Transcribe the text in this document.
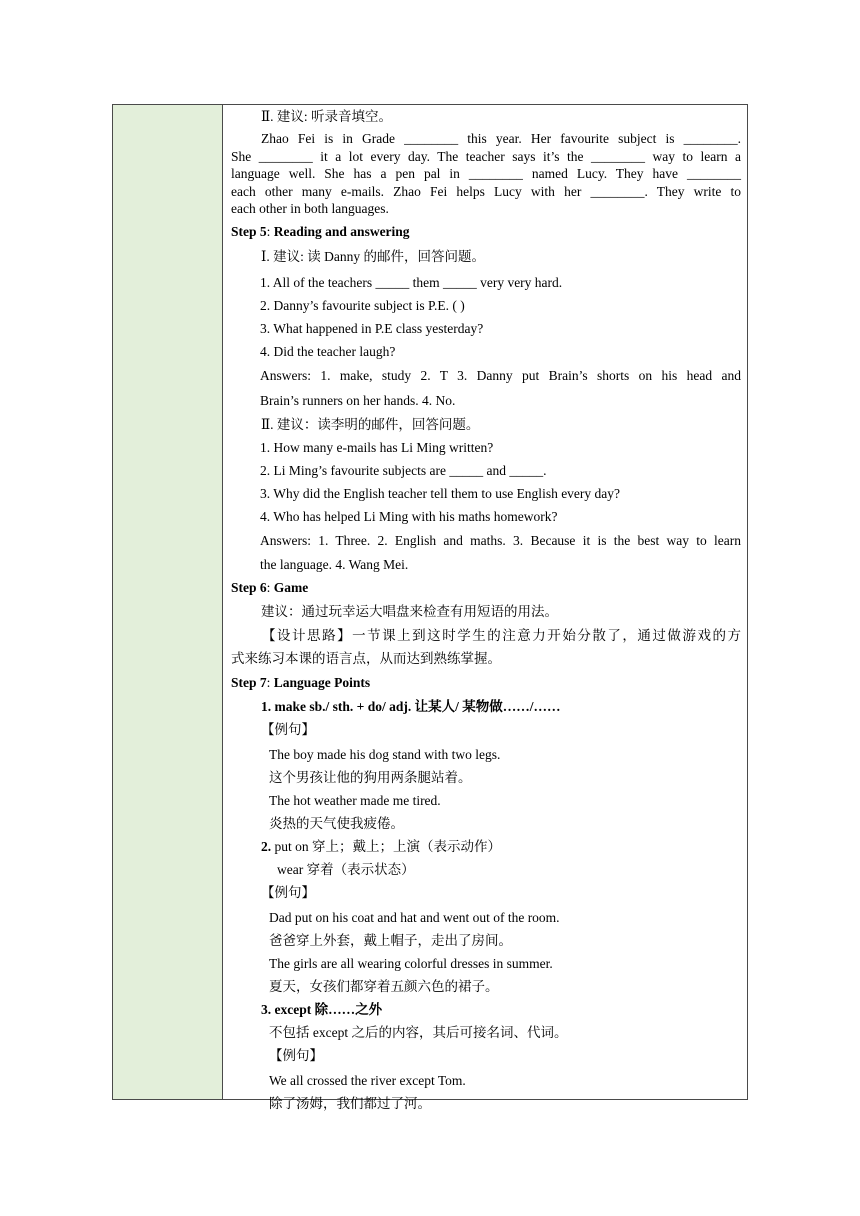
Ⅱ. 建议: 听录音填空。
Zhao Fei is in Grade ________ this year. Her favourite subject is ________.
She ________ it a lot every day. The teacher says it’s the ________ way to learn a
language well. She has a pen pal in ________ named Lucy. They have ________
each other many e-mails. Zhao Fei helps Lucy with her ________. They write to
each other in both languages.
Step 5: Reading and answering
Ⅰ. 建议: 读 Danny 的邮件，回答问题。
1. All of the teachers _____ them _____ very very hard.
2. Danny’s favourite subject is P.E. ( )
3. What happened in P.E class yesterday?
4. Did the teacher laugh?
Answers: 1. make, study 2. T 3. Danny put Brain’s shorts on his head and
Brain’s runners on her hands. 4. No.
Ⅱ. 建议：读李明的邮件，回答问题。
1. How many e-mails has Li Ming written?
2. Li Ming’s favourite subjects are _____ and _____.
3. Why did the English teacher tell them to use English every day?
4. Who has helped Li Ming with his maths homework?
Answers: 1. Three. 2. English and maths. 3. Because it is the best way to learn
the language. 4. Wang Mei.
Step 6: Game
建议：通过玩幸运大唱盘来检查有用短语的用法。
【设计思路】一节课上到这时学生的注意力开始分散了，通过做游戏的方
式来练习本课的语言点，从而达到熟练掌握。
Step 7: Language Points
1. make sb./ sth. + do/ adj. 让某人/ 某物做……/……
【例句】
The boy made his dog stand with two legs.
这个男孩让他的狗用两条腿站着。
The hot weather made me tired.
炎热的天气使我疲倦。
2. put on 穿上；戴上；上演（表示动作）
wear 穿着（表示状态）
【例句】
Dad put on his coat and hat and went out of the room.
爸爸穿上外套，戴上帽子，走出了房间。
The girls are all wearing colorful dresses in summer.
夏天，女孩们都穿着五颜六色的裙子。
3. except 除……之外
不包括 except 之后的内容，其后可接名词、代词。
【例句】
We all crossed the river except Tom.
除了汤姆，我们都过了河。
